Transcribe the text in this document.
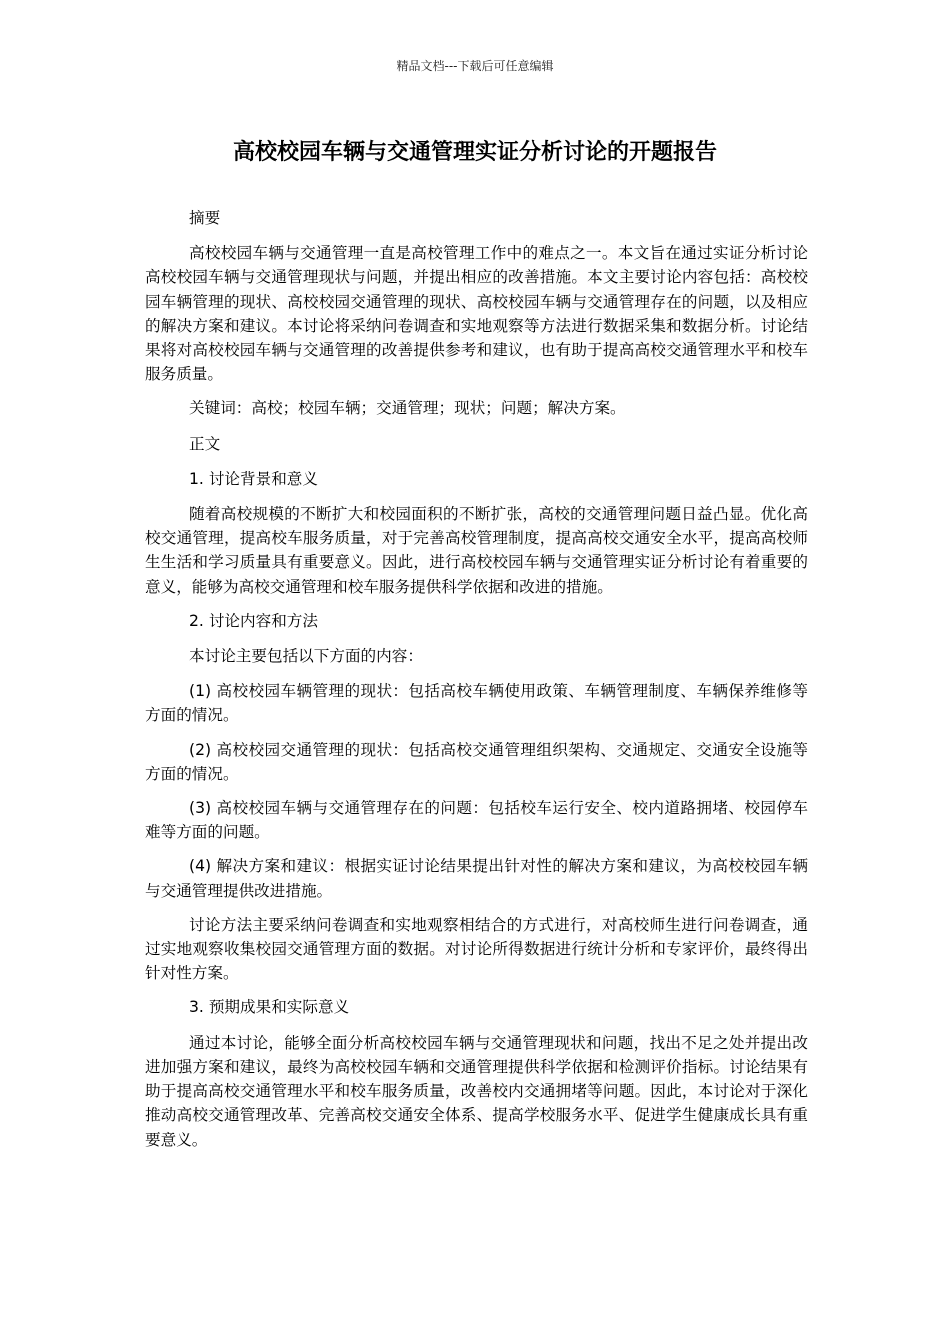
精品文档---下载后可任意编辑
高校校园车辆与交通管理实证分析讨论的开题报告

摘要

高校校园车辆与交通管理一直是高校管理工作中的难点之一。本文旨在通过实证分析讨论高校校园车辆与交通管理现状与问题，并提出相应的改善措施。本文主要讨论内容包括：高校校园车辆管理的现状、高校校园交通管理的现状、高校校园车辆与交通管理存在的问题，以及相应的解决方案和建议。本讨论将采纳问卷调查和实地观察等方法进行数据采集和数据分析。讨论结果将对高校校园车辆与交通管理的改善提供参考和建议，也有助于提高高校交通管理水平和校车服务质量。

关键词：高校；校园车辆；交通管理；现状；问题；解决方案。

正文

1. 讨论背景和意义

随着高校规模的不断扩大和校园面积的不断扩张，高校的交通管理问题日益凸显。优化高校交通管理，提高校车服务质量，对于完善高校管理制度，提高高校交通安全水平，提高高校师生生活和学习质量具有重要意义。因此，进行高校校园车辆与交通管理实证分析讨论有着重要的意义，能够为高校交通管理和校车服务提供科学依据和改进的措施。

2. 讨论内容和方法

本讨论主要包括以下方面的内容：

(1) 高校校园车辆管理的现状：包括高校车辆使用政策、车辆管理制度、车辆保养维修等方面的情况。

(2) 高校校园交通管理的现状：包括高校交通管理组织架构、交通规定、交通安全设施等方面的情况。

(3) 高校校园车辆与交通管理存在的问题：包括校车运行安全、校内道路拥堵、校园停车难等方面的问题。

(4) 解决方案和建议：根据实证讨论结果提出针对性的解决方案和建议，为高校校园车辆与交通管理提供改进措施。

讨论方法主要采纳问卷调查和实地观察相结合的方式进行，对高校师生进行问卷调查，通过实地观察收集校园交通管理方面的数据。对讨论所得数据进行统计分析和专家评价，最终得出针对性方案。

3. 预期成果和实际意义

通过本讨论，能够全面分析高校校园车辆与交通管理现状和问题，找出不足之处并提出改进加强方案和建议，最终为高校校园车辆和交通管理提供科学依据和检测评价指标。讨论结果有助于提高高校交通管理水平和校车服务质量，改善校内交通拥堵等问题。因此，本讨论对于深化推动高校交通管理改革、完善高校交通安全体系、提高学校服务水平、促进学生健康成长具有重要意义。
